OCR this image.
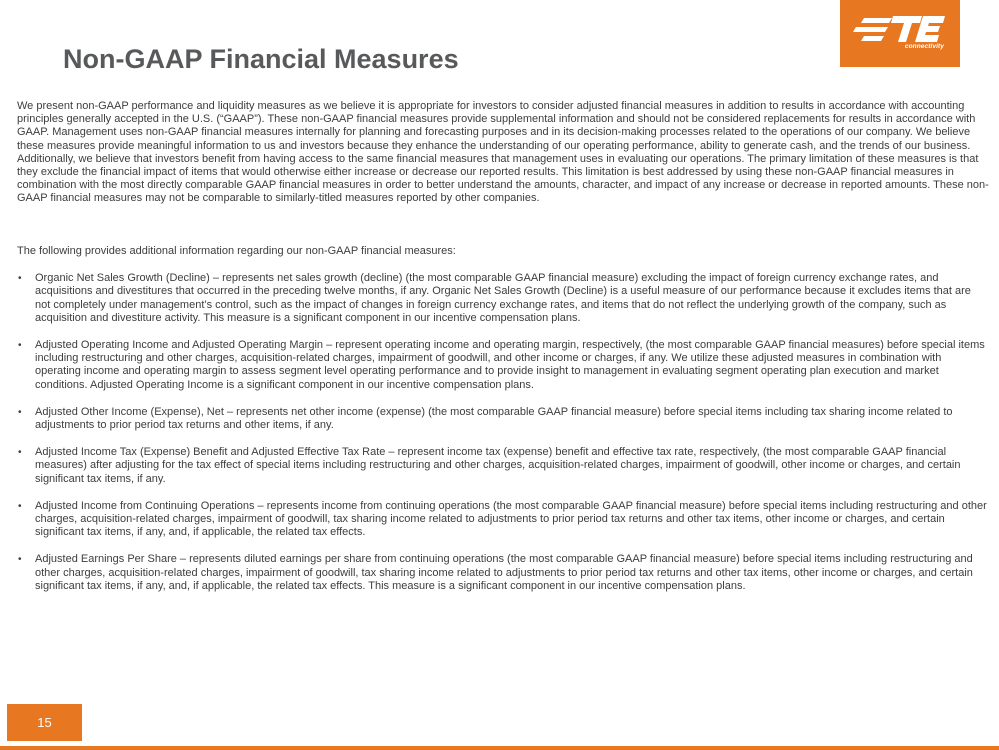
Non-GAAP Financial Measures	connectivity

We present non-GAAP performance and liquidity measures as we believe it is appropriate for investors to consider adjusted financial measures in addition to results in accordance with accounting principles generally accepted in the U.S. (“GAAP”). These non-GAAP financial measures provide supplemental information and should not be considered replacements for results in accordance with GAAP. Management uses non-GAAP financial measures internally for planning and forecasting purposes and in its decision-making processes related to the operations of our company. We believe these measures provide meaningful information to us and investors because they enhance the understanding of our operating performance, ability to generate cash, and the trends of our business. Additionally, we believe that investors benefit from having access to the same financial measures that management uses in evaluating our operations. The primary limitation of these measures is that they exclude the financial impact of items that would otherwise either increase or decrease our reported results. This limitation is best addressed by using these non-GAAP financial measures in combination with the most directly comparable GAAP financial measures in order to better understand the amounts, character, and impact of any increase or decrease in reported amounts. These non-GAAP financial measures may not be comparable to similarly-titled measures reported by other companies.

The following provides additional information regarding our non-GAAP financial measures:

• Organic Net Sales Growth (Decline) – represents net sales growth (decline) (the most comparable GAAP financial measure) excluding the impact of foreign currency exchange rates, and acquisitions and divestitures that occurred in the preceding twelve months, if any. Organic Net Sales Growth (Decline) is a useful measure of our performance because it excludes items that are not completely under management’s control, such as the impact of changes in foreign currency exchange rates, and items that do not reflect the underlying growth of the company, such as acquisition and divestiture activity. This measure is a significant component in our incentive compensation plans.
• Adjusted Operating Income and Adjusted Operating Margin – represent operating income and operating margin, respectively, (the most comparable GAAP financial measures) before special items including restructuring and other charges, acquisition-related charges, impairment of goodwill, and other income or charges, if any. We utilize these adjusted measures in combination with operating income and operating margin to assess segment level operating performance and to provide insight to management in evaluating segment operating plan execution and market conditions. Adjusted Operating Income is a significant component in our incentive compensation plans.
• Adjusted Other Income (Expense), Net – represents net other income (expense) (the most comparable GAAP financial measure) before special items including tax sharing income related to adjustments to prior period tax returns and other items, if any.
• Adjusted Income Tax (Expense) Benefit and Adjusted Effective Tax Rate – represent income tax (expense) benefit and effective tax rate, respectively, (the most comparable GAAP financial measures) after adjusting for the tax effect of special items including restructuring and other charges, acquisition-related charges, impairment of goodwill, other income or charges, and certain significant tax items, if any.
• Adjusted Income from Continuing Operations – represents income from continuing operations (the most comparable GAAP financial measure) before special items including restructuring and other charges, acquisition-related charges, impairment of goodwill, tax sharing income related to adjustments to prior period tax returns and other tax items, other income or charges, and certain significant tax items, if any, and, if applicable, the related tax effects.
• Adjusted Earnings Per Share – represents diluted earnings per share from continuing operations (the most comparable GAAP financial measure) before special items including restructuring and other charges, acquisition-related charges, impairment of goodwill, tax sharing income related to adjustments to prior period tax returns and other tax items, other income or charges, and certain significant tax items, if any, and, if applicable, the related tax effects. This measure is a significant component in our incentive compensation plans.
15
